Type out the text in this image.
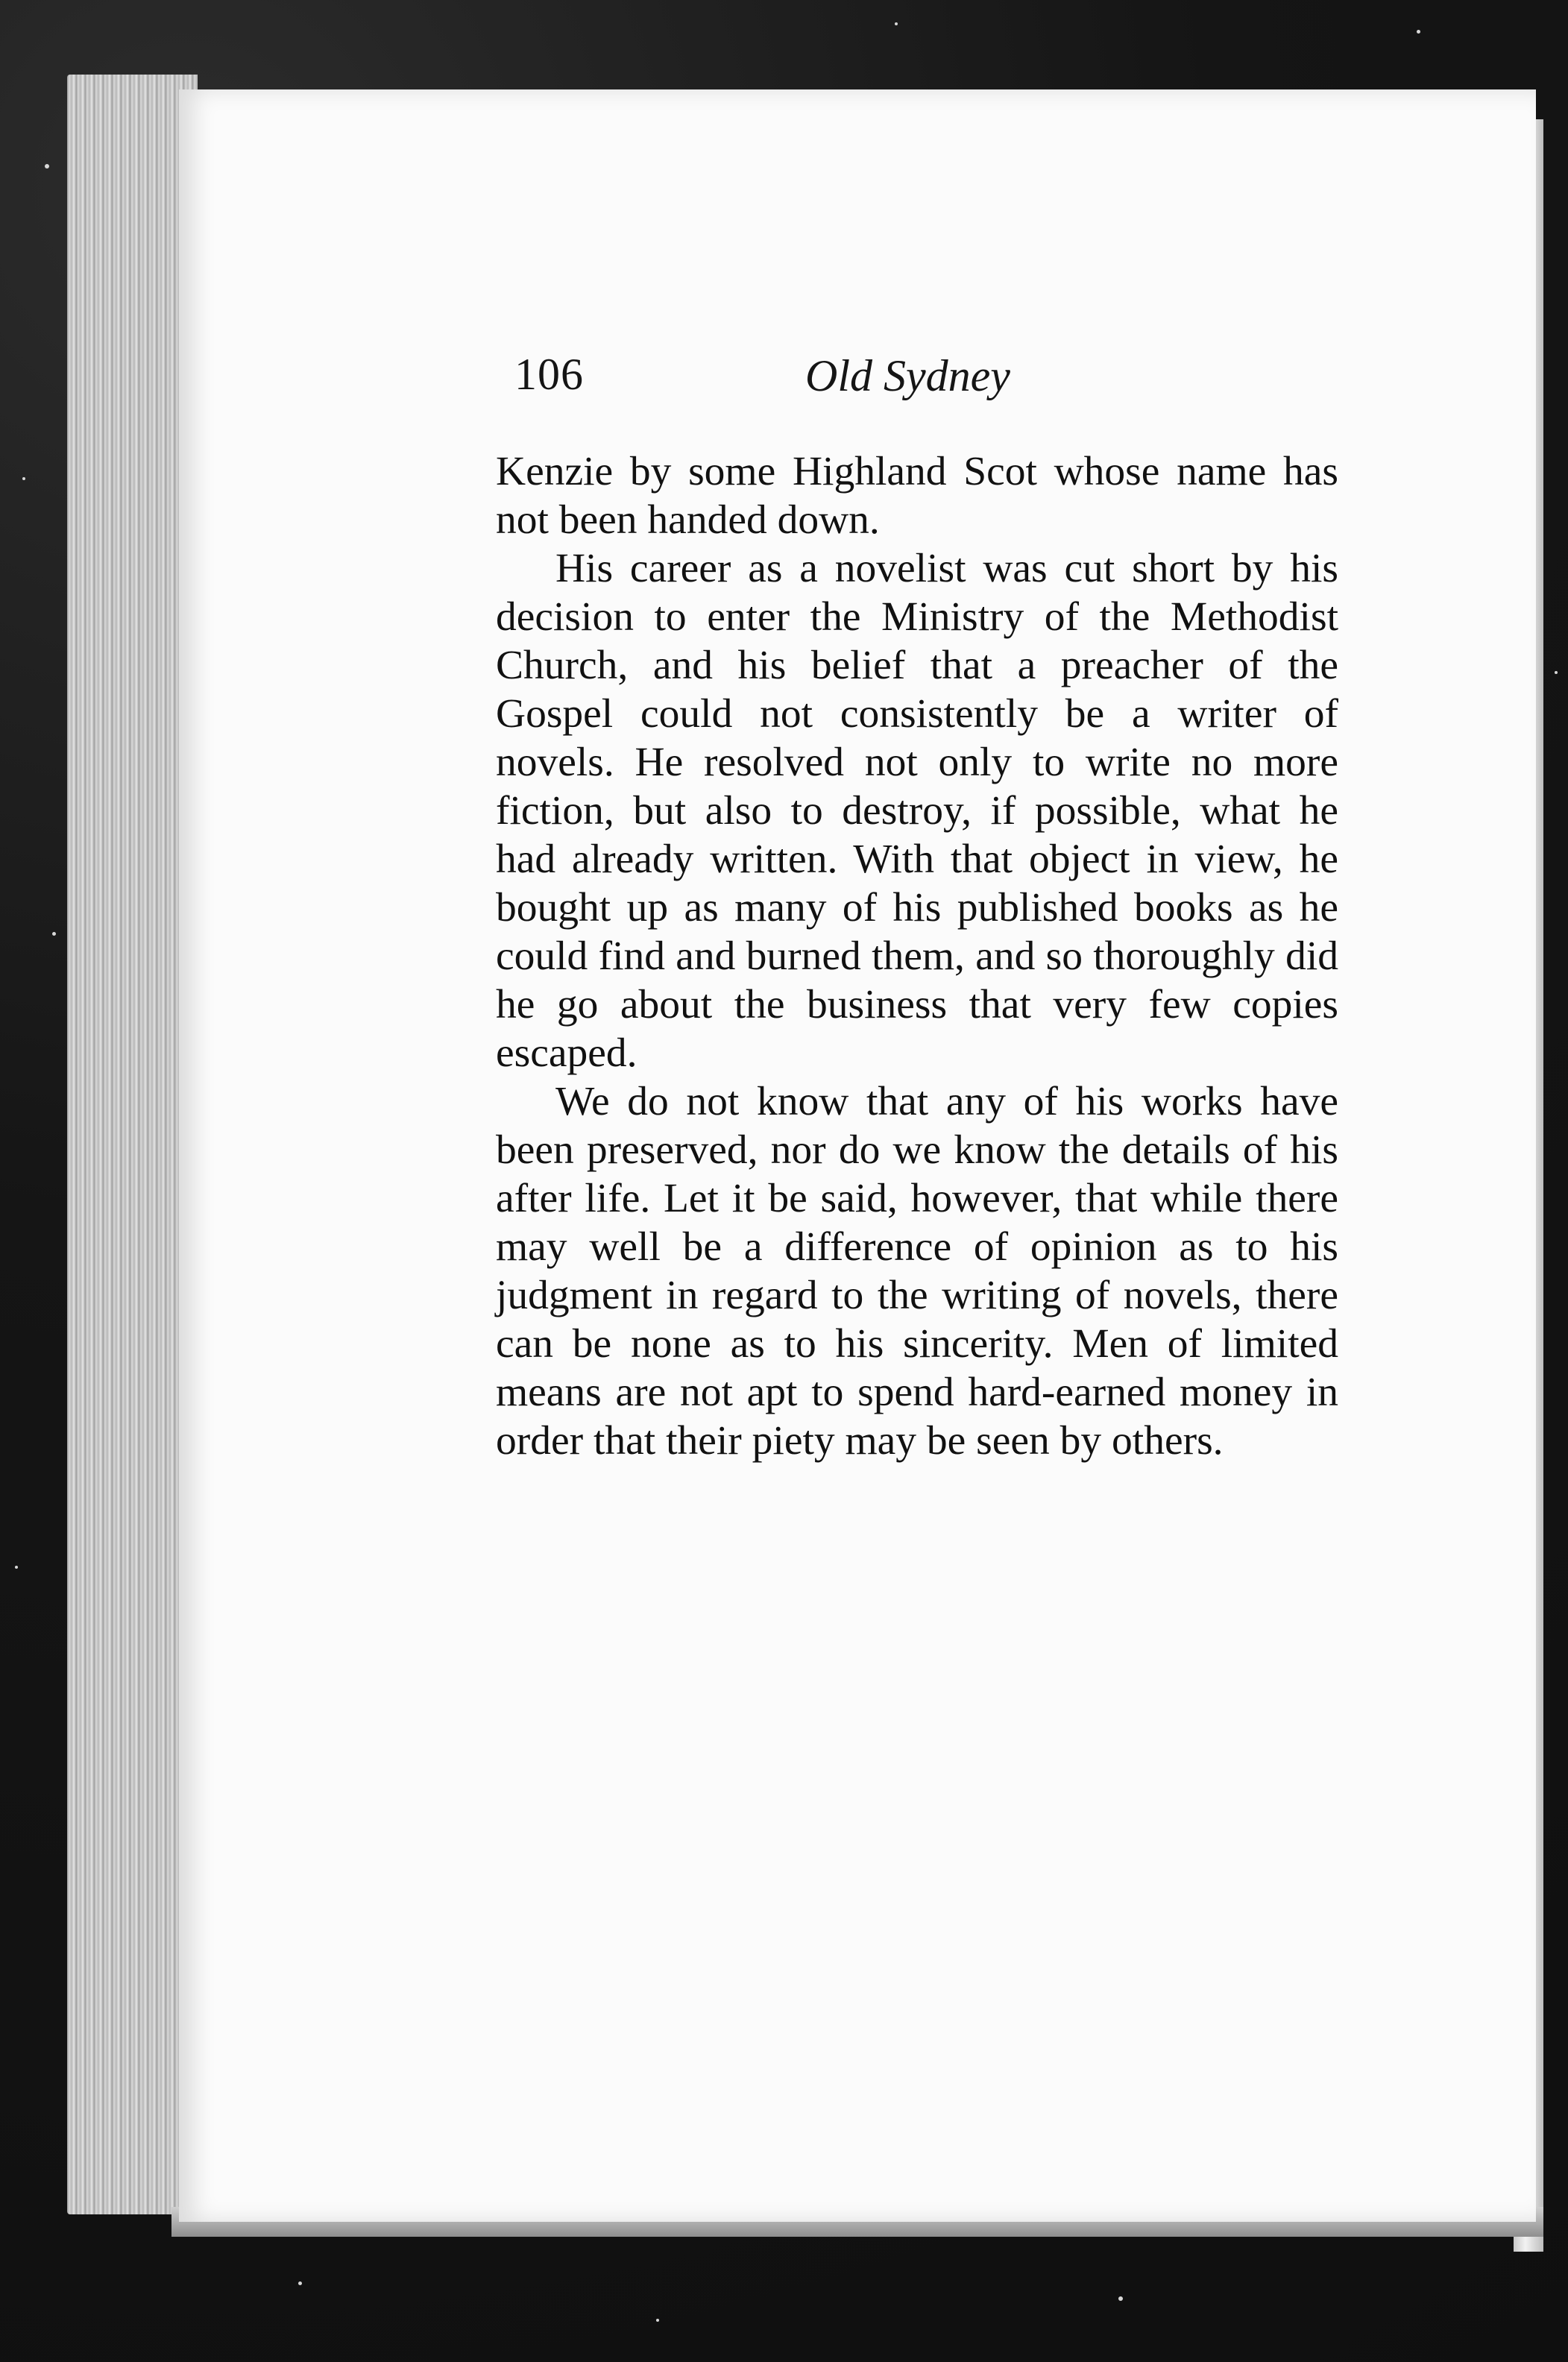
106	Old Sydney

Kenzie by some Highland Scot whose name has not been handed down.

His career as a novelist was cut short by his decision to enter the Ministry of the Methodist Church, and his belief that a preacher of the Gospel could not consistently be a writer of novels. He resolved not only to write no more fiction, but also to destroy, if possible, what he had already written. With that object in view, he bought up as many of his published books as he could find and burned them, and so thoroughly did he go about the business that very few copies escaped.

We do not know that any of his works have been preserved, nor do we know the details of his after life. Let it be said, however, that while there may well be a difference of opinion as to his judgment in regard to the writing of novels, there can be none as to his sincerity. Men of limited means are not apt to spend hard-earned money in order that their piety may be seen by others.
